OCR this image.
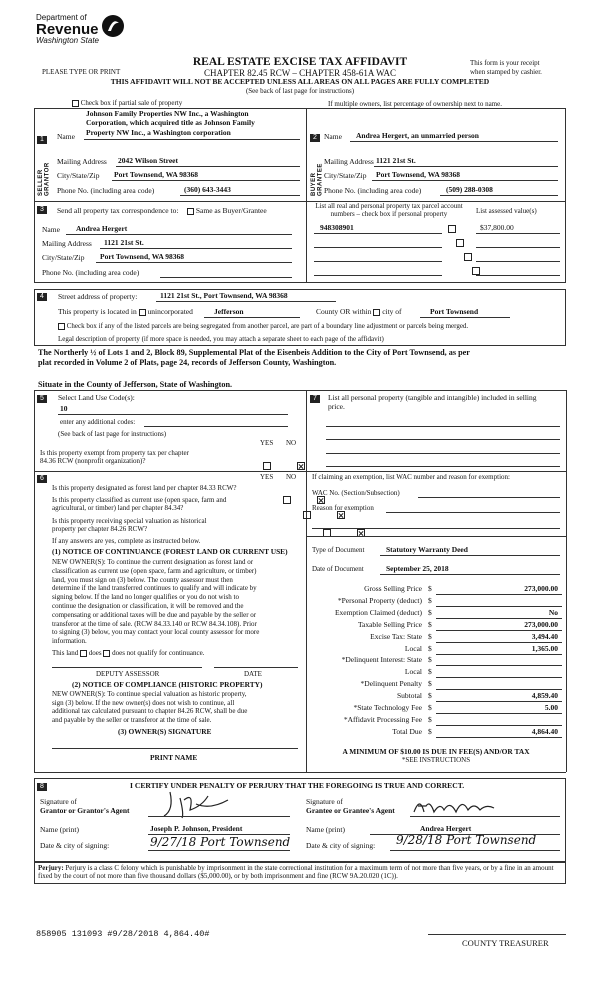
Department of
Revenue
Washington State
REAL ESTATE EXCISE TAX AFFIDAVIT
CHAPTER 82.45 RCW – CHAPTER 458-61A WAC
PLEASE TYPE OR PRINT
This form is your receipt
when stamped by cashier.
THIS AFFIDAVIT WILL NOT BE ACCEPTED UNLESS ALL AREAS ON ALL PAGES ARE FULLY COMPLETED
(See back of last page for instructions)
Check box if partial sale of property	If multiple owners, list percentage of ownership next to name.
1
SELLER GRANTOR
Name
Johnson Family Properties NW Inc., a Washington
Corporation, which acquired title as Johnson Family
Property NW Inc., a Washington corporation
Mailing Address 2042 Wilson Street
City/State/Zip Port Townsend, WA 98368
Phone No. (including area code)	(360) 643-3443
2
BUYER GRANTEE
Name Andrea Hergert, an unmarried person
Mailing Address 1121 21st St.
City/State/Zip Port Townsend, WA 98368
Phone No. (including area code)	(509) 288-0308
3	Send all property tax correspondence to:	Same as Buyer/Grantee
Name Andrea Hergert
Mailing Address 1121 21st St.
City/State/Zip Port Townsend, WA 98368
Phone No. (including area code)
List all real and personal property tax parcel account numbers – check box if personal property	List assessed value(s)
948308901	$37,800.00
4	Street address of property:	1121 21st St., Port Townsend, WA 98368
This property is located in unincorporated	Jefferson	County OR within city of	Port Townsend
Check box if any of the listed parcels are being segregated from another parcel, are part of a boundary line adjustment or parcels being merged.
Legal description of property (if more space is needed, you may attach a separate sheet to each page of the affidavit)
The Northerly ½ of Lots 1 and 2, Block 89, Supplemental Plat of the Eisenbeis Addition to the City of Port Townsend, as per
plat recorded in Volume 2 of Plats, page 24, records of Jefferson County, Washington.
Situate in the County of Jefferson, State of Washington.
5	Select Land Use Code(s):
10
enter any additional codes:
(See back of last page for instructions)
YES NO
Is this property exempt from property tax per chapter
84.36 RCW (nonprofit organization)?

7	List all personal property (tangible and intangible) included in selling
price.
6	YES NO
Is this property designated as forest land per chapter 84.33 RCW?

Is this property classified as current use (open space, farm and
agricultural, or timber) land per chapter 84.34?

Is this property receiving special valuation as historical
property per chapter 84.26 RCW?

If any answers are yes, complete as instructed below.
(1) NOTICE OF CONTINUANCE (FOREST LAND OR CURRENT USE)
NEW OWNER(S): To continue the current designation as forest land or
classification as current use (open space, farm and agriculture, or timber)
land, you must sign on (3) below. The county assessor must then
determine if the land transferred continues to qualify and will indicate by
signing below. If the land no longer qualifies or you do not wish to
continue the designation or classification, it will be removed and the
compensating or additional taxes will be due and payable by the seller or
transferor at the time of sale. (RCW 84.33.140 or RCW 84.34.108). Prior
to signing (3) below, you may contact your local county assessor for more
information.
This land does does not qualify for continuance.
DEPUTY ASSESSOR	DATE
(2) NOTICE OF COMPLIANCE (HISTORIC PROPERTY)
NEW OWNER(S): To continue special valuation as historic property,
sign (3) below. If the new owner(s) does not wish to continue, all
additional tax calculated pursuant to chapter 84.26 RCW, shall be due
and payable by the seller or transferor at the time of sale.
(3) OWNER(S) SIGNATURE
PRINT NAME
If claiming an exemption, list WAC number and reason for exemption:
WAC No. (Section/Subsection)
Reason for exemption
Type of Document	Statutory Warranty Deed
Date of Document	September 25, 2018
Gross Selling Price $	273,000.00
*Personal Property (deduct) $
Exemption Claimed (deduct) $	No
Taxable Selling Price $	273,000.00
Excise Tax: State $	3,494.40
Local $	1,365.00
*Delinquent Interest: State $
Local $
*Delinquent Penalty $
Subtotal $	4,859.40
*State Technology Fee $	5.00
*Affidavit Processing Fee $
Total Due $	4,864.40
A MINIMUM OF $10.00 IS DUE IN FEE(S) AND/OR TAX
*SEE INSTRUCTIONS
8	I CERTIFY UNDER PENALTY OF PERJURY THAT THE FOREGOING IS TRUE AND CORRECT.
Signature of
Grantor or Grantor's Agent
Name (print)	Joseph P. Johnson, President
Date & city of signing:	9/27/18 Port Townsend
Signature of
Grantee or Grantee's Agent
Name (print)	Andrea Hergert
Date & city of signing: 9/28/18 Port Townsend
Perjury: Perjury is a class C felony which is punishable by imprisonment in the state correctional institution for a maximum term of not more than five years, or by a fine in an amount fixed by the court of not more than five thousand dollars ($5,000.00), or by both imprisonment and fine (RCW 9A.20.020 (1C)).
858905 131093 #9/28/2018 4,864.40#
COUNTY TREASURER
